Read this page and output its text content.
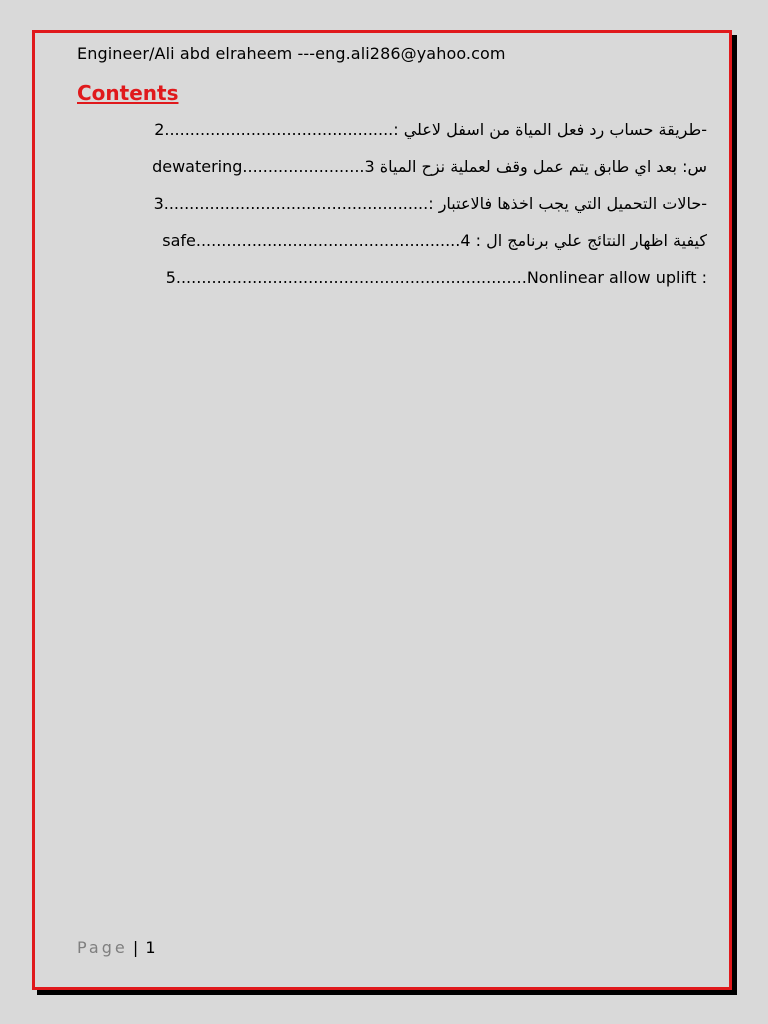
Engineer/Ali abd elraheem ---eng.ali286@yahoo.com
Contents
-طريقة حساب رد فعل المياة من اسفل لاعلي :.............................................2
س: بعد اي طابق يتم عمل وقف لعملية نزح المياة dewatering........................3
-حالات التحميل التي يجب اخذها فالاعتبار :....................................................3
كيفية اظهار النتائج علي برنامج ال : safe....................................................4
5.....................................................................Nonlinear allow uplift :
Page | 1
